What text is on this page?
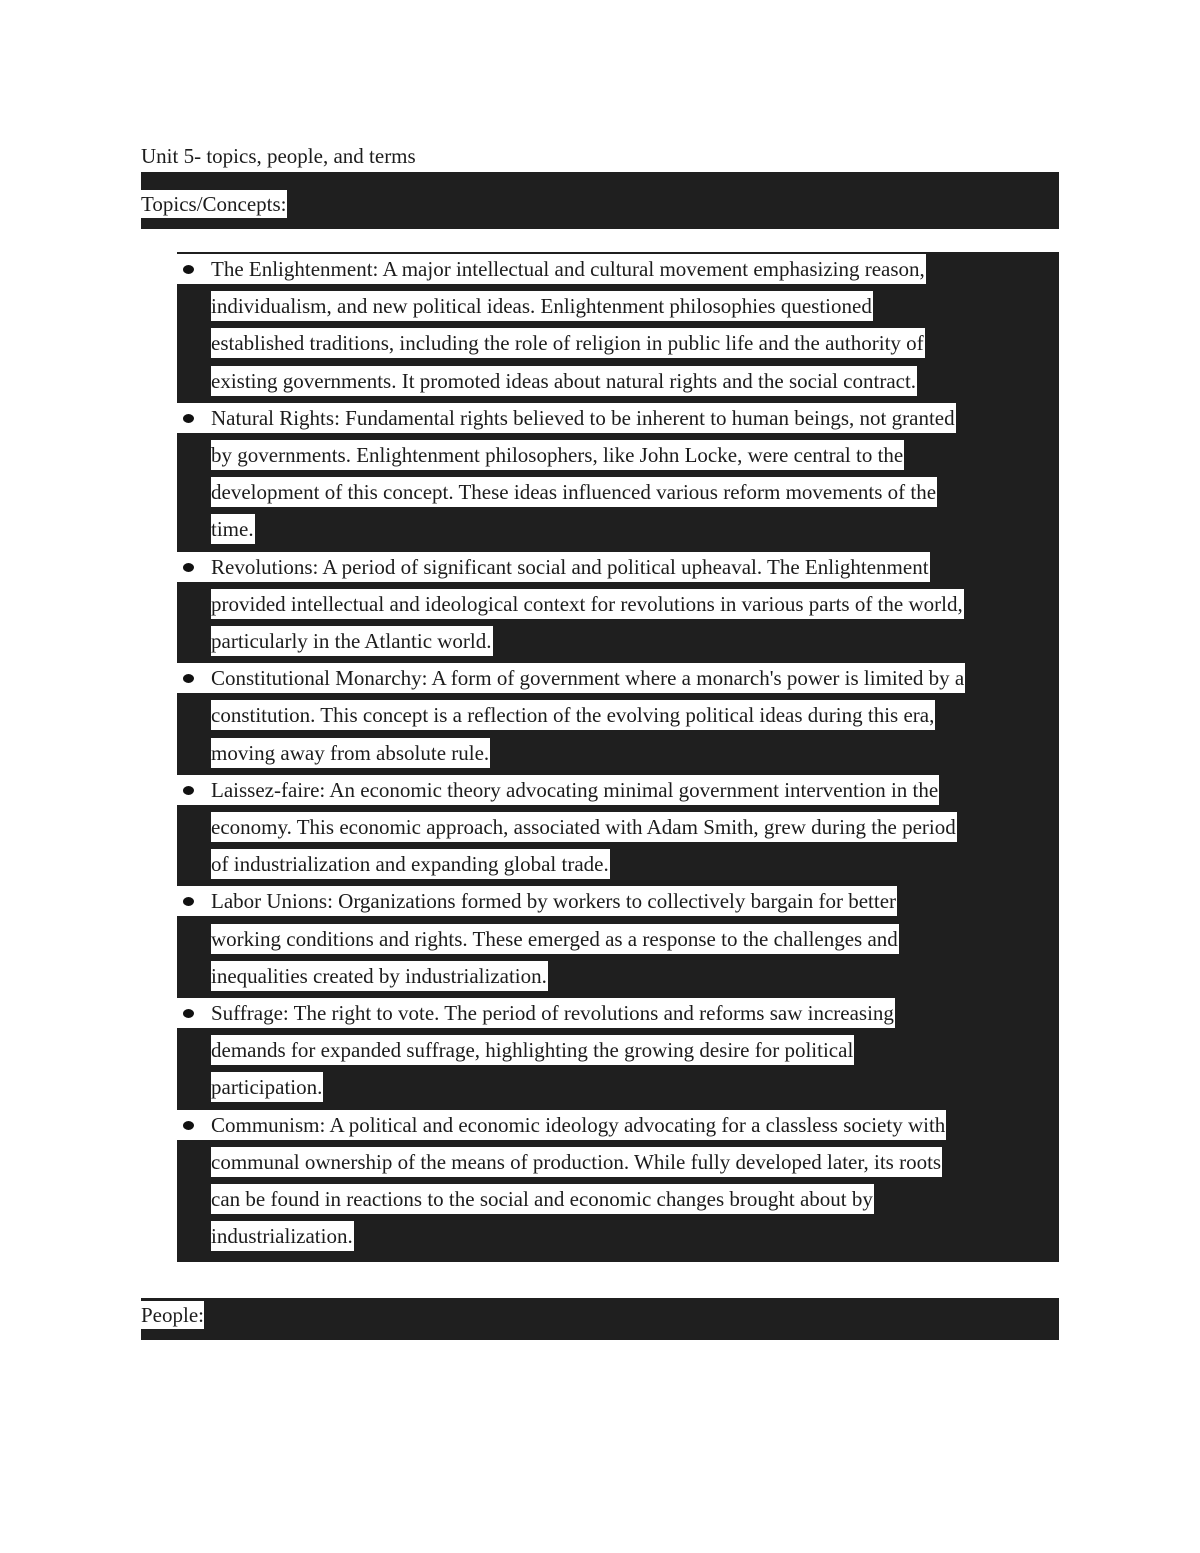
Unit 5- topics, people, and terms
Topics/Concepts:
The Enlightenment: A major intellectual and cultural movement emphasizing reason,
individualism, and new political ideas. Enlightenment philosophies questioned
established traditions, including the role of religion in public life and the authority of
existing governments. It promoted ideas about natural rights and the social contract.
Natural Rights: Fundamental rights believed to be inherent to human beings, not granted
by governments. Enlightenment philosophers, like John Locke, were central to the
development of this concept. These ideas influenced various reform movements of the
time.
Revolutions: A period of significant social and political upheaval. The Enlightenment
provided intellectual and ideological context for revolutions in various parts of the world,
particularly in the Atlantic world.
Constitutional Monarchy: A form of government where a monarch's power is limited by a
constitution. This concept is a reflection of the evolving political ideas during this era,
moving away from absolute rule.
Laissez-faire: An economic theory advocating minimal government intervention in the
economy. This economic approach, associated with Adam Smith, grew during the period
of industrialization and expanding global trade.
Labor Unions: Organizations formed by workers to collectively bargain for better
working conditions and rights. These emerged as a response to the challenges and
inequalities created by industrialization.
Suffrage: The right to vote. The period of revolutions and reforms saw increasing
demands for expanded suffrage, highlighting the growing desire for political
participation.
Communism: A political and economic ideology advocating for a classless society with
communal ownership of the means of production. While fully developed later, its roots
can be found in reactions to the social and economic changes brought about by
industrialization.
People:
